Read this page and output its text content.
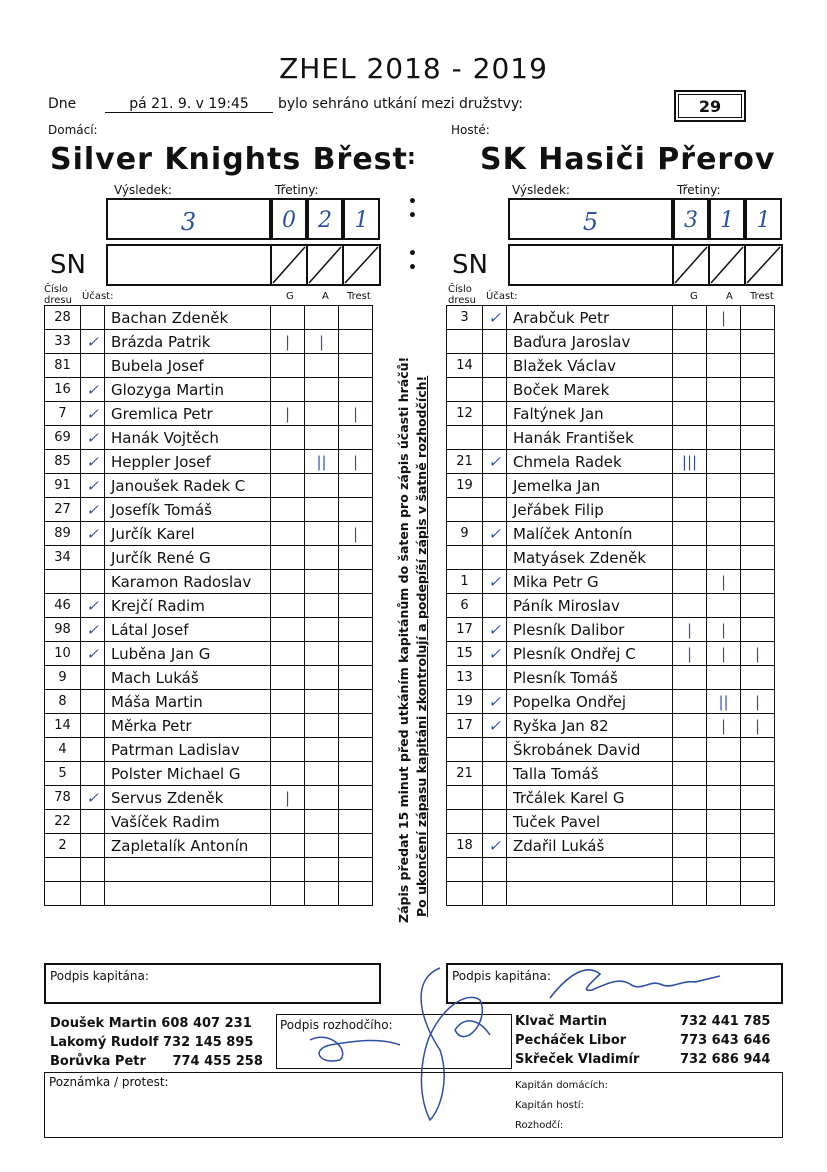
ZHEL 2018 - 2019
Dne	pá 21. 9. v 19:45	bylo sehráno utkání mezi družstvy:	29
Domácí:	Hosté:
Silver Knights Břest SK Hasiči Přerov
:
Výsledek:	Třetiny:	Výsledek:	Třetiny:
3	0	2	1	5	3	1	1
•
•
SN	SN
•
•
Číslo dresu	Účast:	G	A Trest
Číslo dresu	Účast:	G	A Trest
28		Bachan Zdeněk			
33	✓	Brázda Patrik	|	|	
81		Bubela Josef			
16	✓	Glozyga Martin			
7	✓	Gremlica Petr	|		|
69	✓	Hanák Vojtěch			
85	✓	Heppler Josef		||	|
91	✓	Janoušek Radek C			
27	✓	Josefík Tomáš			
89	✓	Jurčík Karel			|
34		Jurčík René G			
		Karamon Radoslav			
46	✓	Krejčí Radim			
98	✓	Látal Josef			
10	✓	Luběna Jan G			
9		Mach Lukáš			
8		Máša Martin			
14		Měrka Petr			
4		Patrman Ladislav			
5		Polster Michael G			
78	✓	Servus Zdeněk	|		
22		Vašíček Radim			
2		Zapletalík Antonín			

3	✓	Arabčuk Petr		|	
		Baďura Jaroslav			
14		Blažek Václav			
		Boček Marek			
12		Faltýnek Jan			
		Hanák František			
21	✓	Chmela Radek	|||		
19		Jemelka Jan			
		Jeřábek Filip			
9	✓	Malíček Antonín			
		Matyásek Zdeněk			
1	✓	Mika Petr G		|	
6		Páník Miroslav			
17	✓	Plesník Dalibor	|	|	
15	✓	Plesník Ondřej C	|	|	|
13		Plesník Tomáš			
19	✓	Popelka Ondřej		||	|
17	✓	Ryška Jan 82		|	|
		Škrobánek David			
21		Talla Tomáš			
		Trčálek Karel G			
		Tuček Pavel			
18	✓	Zdařil Lukáš			

Zápis předat 15 minut před utkáním kapitánům do šaten pro zápis účasti hráčů! Po ukončení zápasu kapitáni zkontrolují a podepíší zápis v šatně rozhodčích!
Podpis kapitána:	Podpis kapitána:
Doušek Martin 608 407 231
Lakomý Rudolf 732 145 895
Borůvka Petr 774 455 258
Podpis rozhodčího:	Klvač Martin
Pecháček Libor
Skřeček Vladimír
732 441 785
773 643 646
732 686 944
Poznámka / protest:	Kapitán domácích:
Kapitán hostí:
Rozhodčí:
